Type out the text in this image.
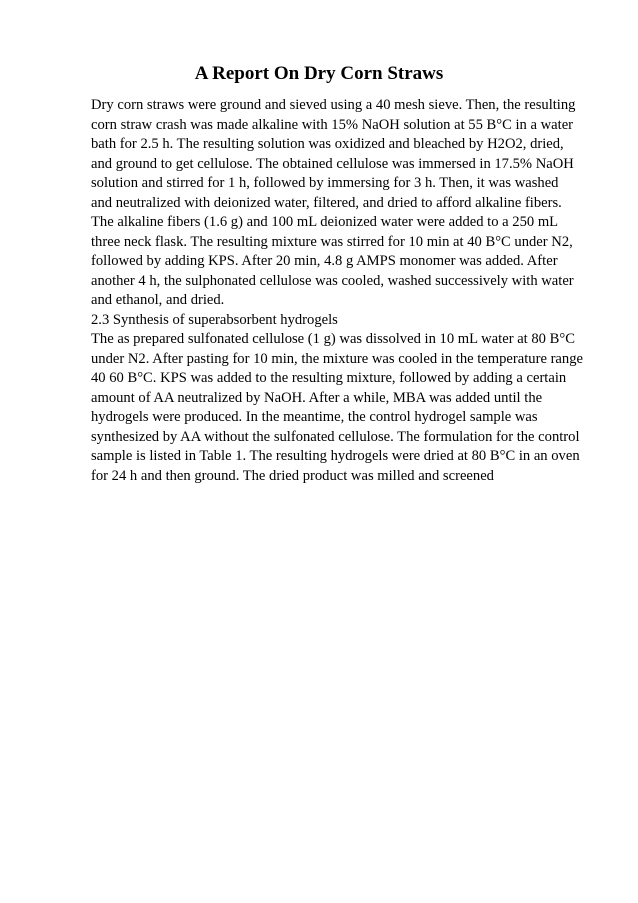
A Report On Dry Corn Straws
Dry corn straws were ground and sieved using a 40 mesh sieve. Then, the resulting
corn straw crash was made alkaline with 15% NaOH solution at 55 B°C in a water
bath for 2.5 h. The resulting solution was oxidized and bleached by H2O2, dried,
and ground to get cellulose. The obtained cellulose was immersed in 17.5% NaOH
solution and stirred for 1 h, followed by immersing for 3 h. Then, it was washed
and neutralized with deionized water, filtered, and dried to afford alkaline fibers.
The alkaline fibers (1.6 g) and 100 mL deionized water were added to a 250 mL
three neck flask. The resulting mixture was stirred for 10 min at 40 B°C under N2,
followed by adding KPS. After 20 min, 4.8 g AMPS monomer was added. After
another 4 h, the sulphonated cellulose was cooled, washed successively with water
and ethanol, and dried.
2.3 Synthesis of superabsorbent hydrogels
The as prepared sulfonated cellulose (1 g) was dissolved in 10 mL water at 80 B°C
under N2. After pasting for 10 min, the mixture was cooled in the temperature range
40 60 B°C. KPS was added to the resulting mixture, followed by adding a certain
amount of AA neutralized by NaOH. After a while, MBA was added until the
hydrogels were produced. In the meantime, the control hydrogel sample was
synthesized by AA without the sulfonated cellulose. The formulation for the control
sample is listed in Table 1. The resulting hydrogels were dried at 80 B°C in an oven
for 24 h and then ground. The dried product was milled and screened
